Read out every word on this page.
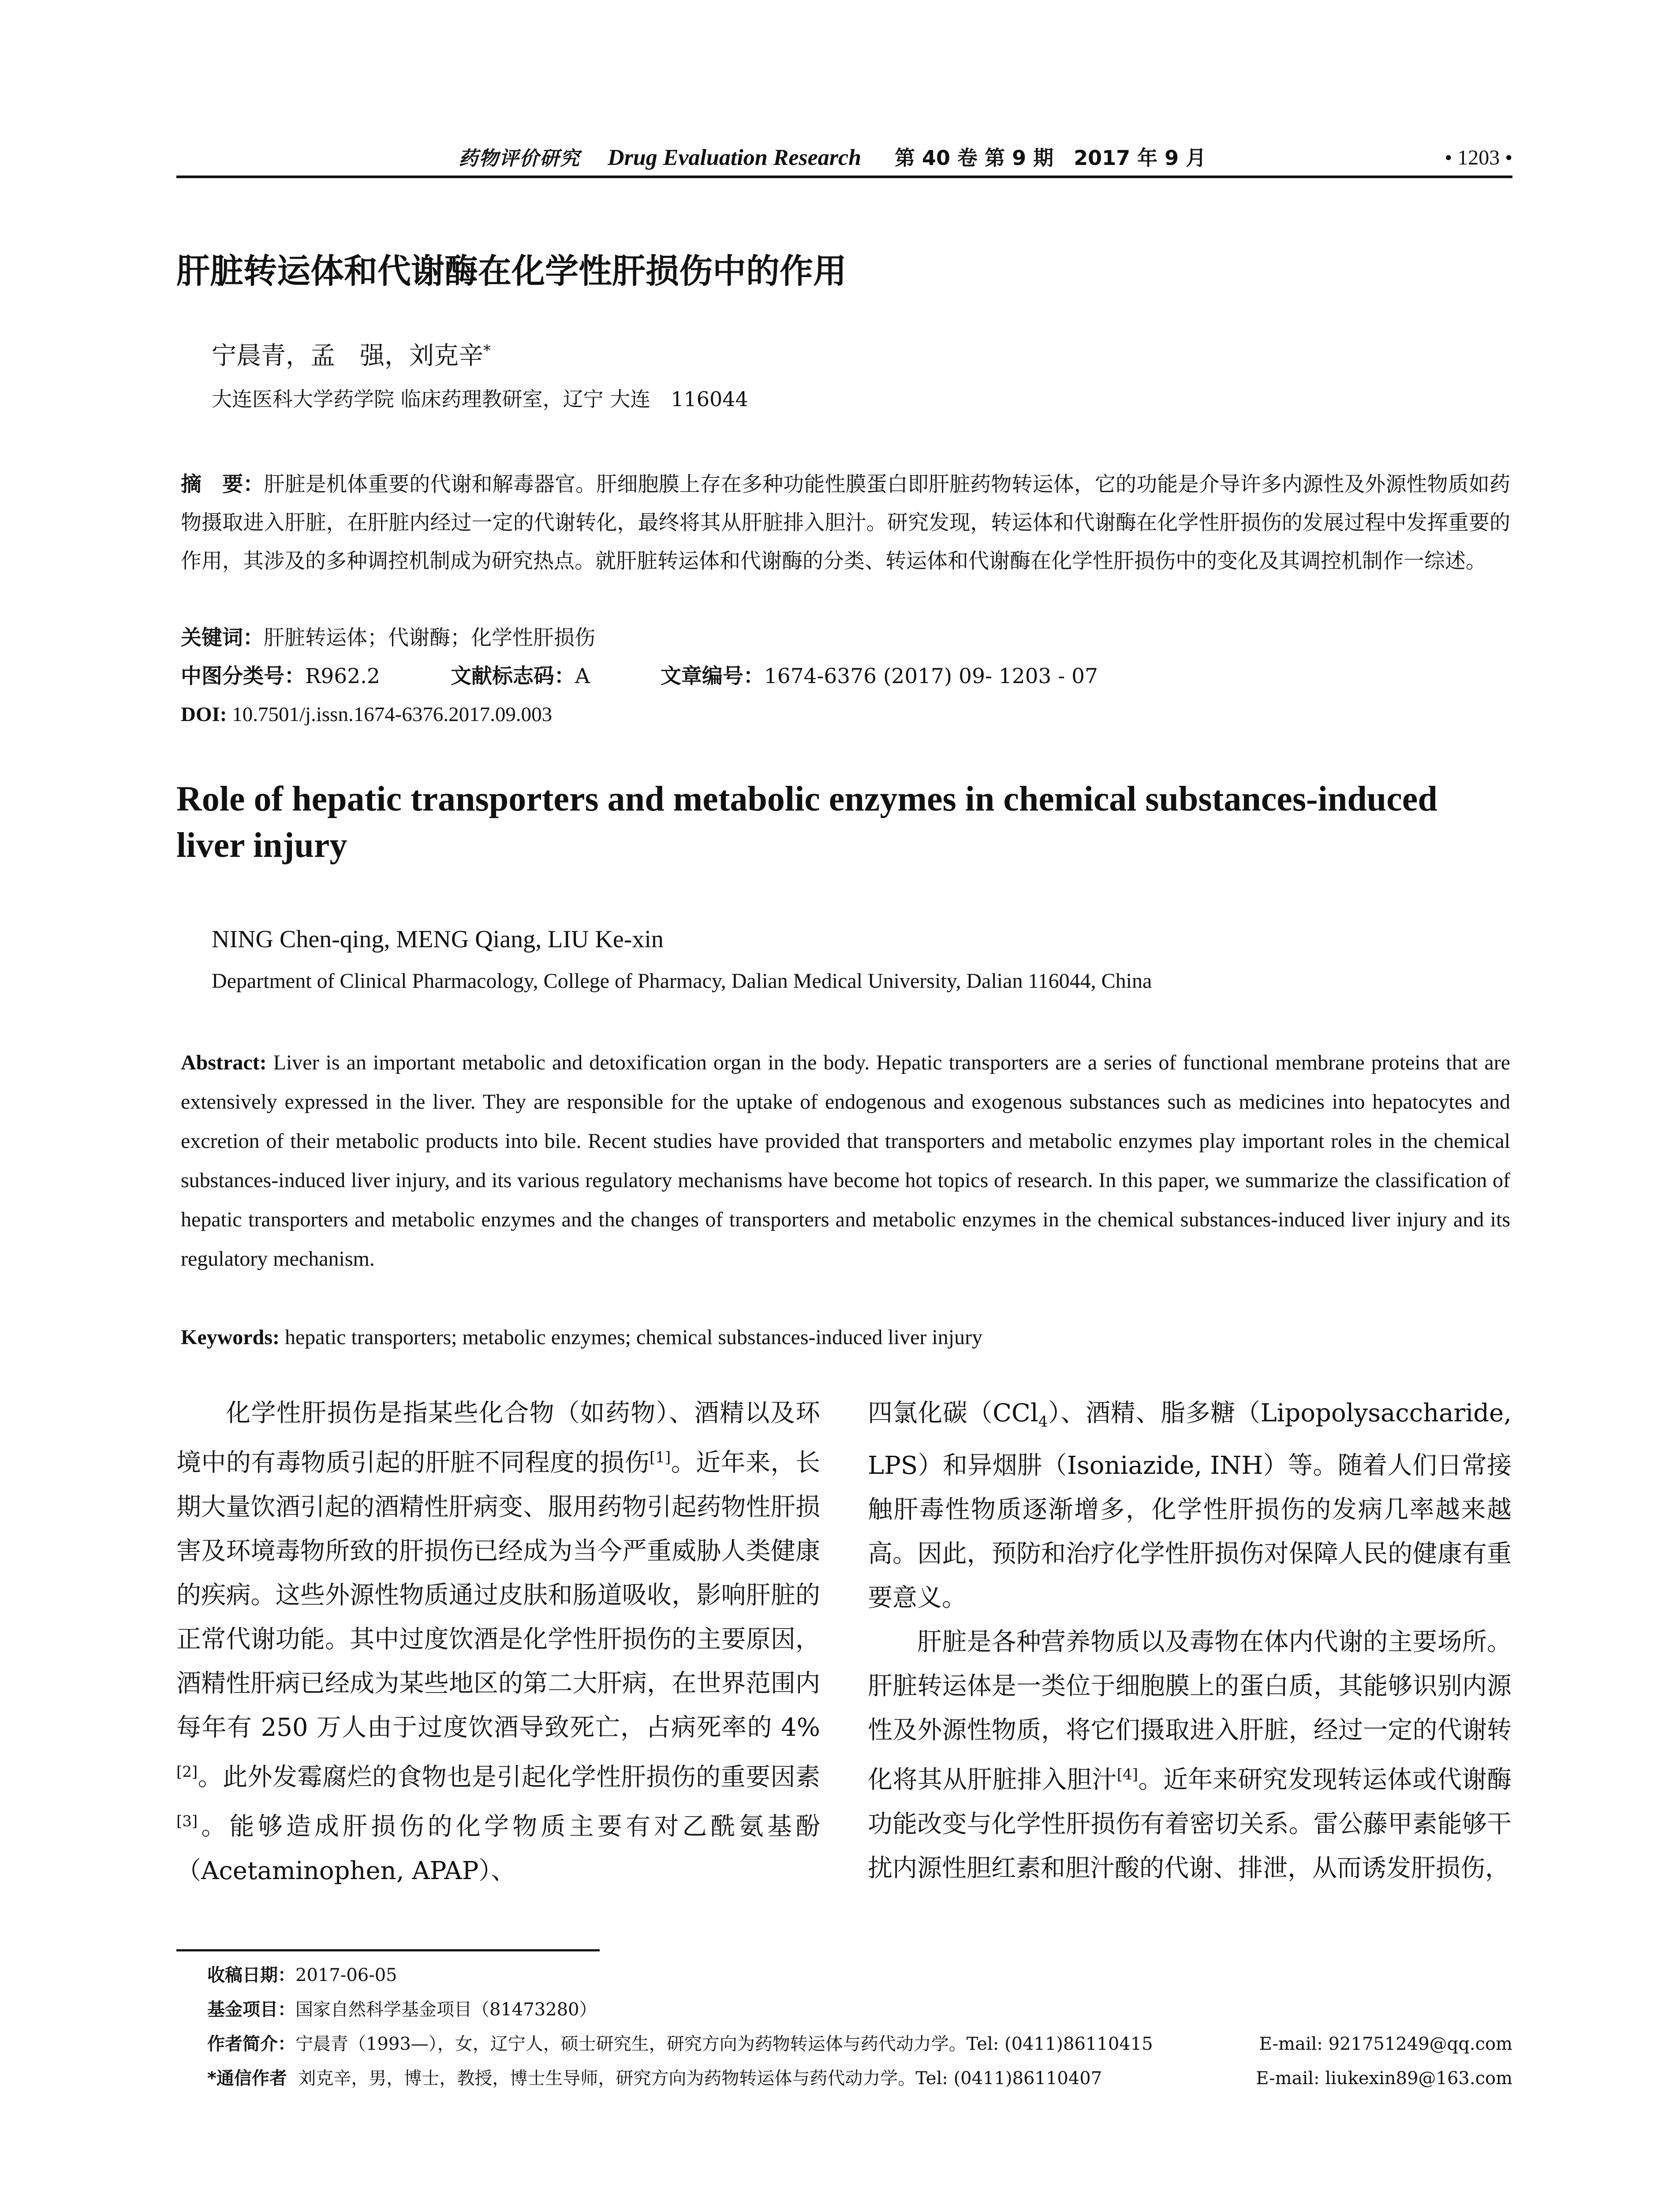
药物评价研究 Drug Evaluation Research 第 40 卷 第 9 期　2017 年 9 月	• 1203 •
肝脏转运体和代谢酶在化学性肝损伤中的作用
宁晨青，孟　强，刘克辛*
大连医科大学药学院 临床药理教研室，辽宁 大连　116044
摘　要：肝脏是机体重要的代谢和解毒器官。肝细胞膜上存在多种功能性膜蛋白即肝脏药物转运体，它的功能是介导许多内源性及外源性物质如药物摄取进入肝脏，在肝脏内经过一定的代谢转化，最终将其从肝脏排入胆汁。研究发现，转运体和代谢酶在化学性肝损伤的发展过程中发挥重要的作用，其涉及的多种调控机制成为研究热点。就肝脏转运体和代谢酶的分类、转运体和代谢酶在化学性肝损伤中的变化及其调控机制作一综述。
关键词：肝脏转运体；代谢酶；化学性肝损伤
中图分类号：R962.2	文献标志码：A	文章编号：1674-6376 (2017) 09- 1203 - 07
DOI: 10.7501/j.issn.1674-6376.2017.09.003
Role of hepatic transporters and metabolic enzymes in chemical substances-induced liver injury
NING Chen-qing, MENG Qiang, LIU Ke-xin
Department of Clinical Pharmacology, College of Pharmacy, Dalian Medical University, Dalian 116044, China
Abstract: Liver is an important metabolic and detoxification organ in the body. Hepatic transporters are a series of functional membrane proteins that are extensively expressed in the liver. They are responsible for the uptake of endogenous and exogenous substances such as medicines into hepatocytes and excretion of their metabolic products into bile. Recent studies have provided that transporters and metabolic enzymes play important roles in the chemical substances-induced liver injury, and its various regulatory mechanisms have become hot topics of research. In this paper, we summarize the classification of hepatic transporters and metabolic enzymes and the changes of transporters and metabolic enzymes in the chemical substances-induced liver injury and its regulatory mechanism.
Keywords: hepatic transporters; metabolic enzymes; chemical substances-induced liver injury

化学性肝损伤是指某些化合物（如药物）、酒精以及环境中的有毒物质引起的肝脏不同程度的损伤[1]。近年来，长期大量饮酒引起的酒精性肝病变、服用药物引起药物性肝损害及环境毒物所致的肝损伤已经成为当今严重威胁人类健康的疾病。这些外源性物质通过皮肤和肠道吸收，影响肝脏的正常代谢功能。其中过度饮酒是化学性肝损伤的主要原因，酒精性肝病已经成为某些地区的第二大肝病，在世界范围内每年有 250 万人由于过度饮酒导致死亡，占病死率的 4%[2]。此外发霉腐烂的食物也是引起化学性肝损伤的重要因素[3]。能够造成肝损伤的化学物质主要有对乙酰氨基酚（Acetaminophen, APAP）、

四氯化碳（CCl$_4$）、酒精、脂多糖（Lipopolysaccharide, LPS）和异烟肼（Isoniazide, INH）等。随着人们日常接触肝毒性物质逐渐增多，化学性肝损伤的发病几率越来越高。因此，预防和治疗化学性肝损伤对保障人民的健康有重要意义。

肝脏是各种营养物质以及毒物在体内代谢的主要场所。肝脏转运体是一类位于细胞膜上的蛋白质，其能够识别内源性及外源性物质，将它们摄取进入肝脏，经过一定的代谢转化将其从肝脏排入胆汁[4]。近年来研究发现转运体或代谢酶功能改变与化学性肝损伤有着密切关系。雷公藤甲素能够干扰内源性胆红素和胆汁酸的代谢、排泄，从而诱发肝损伤，

收稿日期：2017-06-05
基金项目：国家自然科学基金项目（81473280）
作者简介：宁晨青（1993—），女，辽宁人，硕士研究生，研究方向为药物转运体与药代动力学。Tel: (0411)86110415	E-mail: 921751249@qq.com
*通信作者 刘克辛，男，博士，教授，博士生导师，研究方向为药物转运体与药代动力学。Tel: (0411)86110407	E-mail: liukexin89@163.com
